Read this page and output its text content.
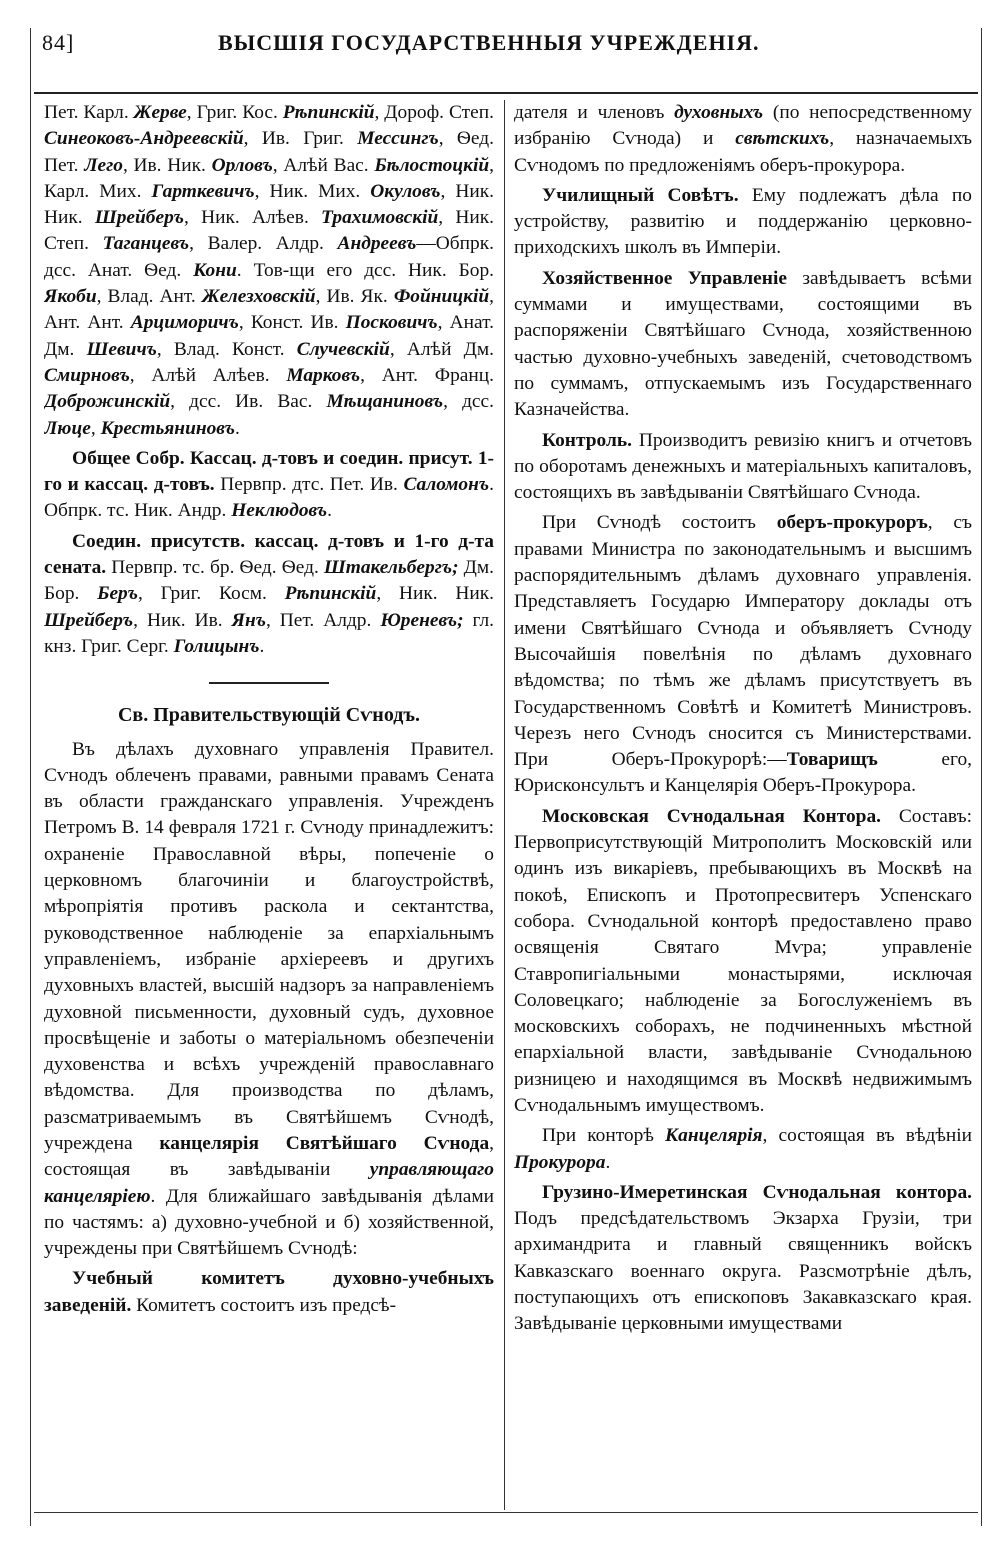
84]	ВЫСШІЯ ГОСУДАРСТВЕННЫЯ УЧРЕЖДЕНІЯ.

Пет. Карл. Жерве, Григ. Кос. Рѣпинскій, Дороф. Степ. Синеоковъ-Андреевскій, Ив. Григ. Мессингъ, Ѳед. Пет. Лего, Ив. Ник. Орловъ, Алѣй Вас. Бѣлостоцкій, Карл. Мих. Гарткевичъ, Ник. Мих. Окуловъ, Ник. Ник. Шрейберъ, Ник. Алѣев. Трахимовскій, Ник. Степ. Таганцевъ, Валер. Алдр. Андреевъ—Обпрк. дсс. Анат. Ѳед. Кони. Тов-щи его дсс. Ник. Бор. Якоби, Влад. Ант. Железховскій, Ив. Як. Фойницкій, Ант. Ант. Арциморичъ, Конст. Ив. Посковичъ, Анат. Дм. Шевичъ, Влад. Конст. Случевскій, Алѣй Дм. Смирновъ, Алѣй Алѣев. Марковъ, Ант. Франц. Доброжинскій, дсс. Ив. Вас. Мѣщаниновъ, дсс. Люце, Крестьяниновъ.

Общее Собр. Кассац. д-товъ и соедин. присут. 1-го и кассац. д-товъ. Первпр. дтс. Пет. Ив. Саломонъ. Обпрк. тс. Ник. Андр. Неклюдовъ.

Соедин. присутств. кассац. д-товъ и 1-го д-та сената. Первпр. тс. бр. Ѳед. Ѳед. Штакельбергъ; Дм. Бор. Беръ, Григ. Косм. Рѣпинскій, Ник. Ник. Шрейберъ, Ник. Ив. Янъ, Пет. Алдр. Юреневъ; гл. кнз. Григ. Серг. Голицынъ.

Св. Правительствующій Сѵнодъ.

Въ дѣлахъ духовнаго управленія Правител. Сѵнодъ облеченъ правами, равными правамъ Сената въ области гражданскаго управленія. Учрежденъ Петромъ В. 14 февраля 1721 г. Сѵноду принадлежитъ: охраненіе Православной вѣры, попеченіе о церковномъ благочиніи и благоустройствѣ, мѣропріятія противъ раскола и сектантства, руководственное наблюденіе за епархіальнымъ управленіемъ, избраніе архіереевъ и другихъ духовныхъ властей, высшій надзоръ за направленіемъ духовной письменности, духовный судъ, духовное просвѣщеніе и заботы о матеріальномъ обезпеченіи духовенства и всѣхъ учрежденій православнаго вѣдомства. Для производства по дѣламъ, разсматриваемымъ въ Святѣйшемъ Сѵнодѣ, учреждена канцелярія Святѣйшаго Сѵнода, состоящая въ завѣдываніи управляющаго канцеляріею. Для ближайшаго завѣдыванія дѣлами по частямъ: а) духовно-учебной и б) хозяйственной, учреждены при Святѣйшемъ Сѵнодѣ:

Учебный комитетъ духовно-учебныхъ заведеній. Комитетъ состоитъ изъ предсѣ-

дателя и членовъ духовныхъ (по непосредственному избранію Сѵнода) и свѣтскихъ, назначаемыхъ Сѵнодомъ по предложеніямъ оберъ-прокурора.

Училищный Совѣтъ. Ему подлежатъ дѣла по устройству, развитію и поддержанію церковно-приходскихъ школъ въ Имперіи.

Хозяйственное Управленіе завѣдываетъ всѣми суммами и имуществами, состоящими въ распоряженіи Святѣйшаго Сѵнода, хозяйственною частью духовно-учебныхъ заведеній, счетоводствомъ по суммамъ, отпускаемымъ изъ Государственнаго Казначейства.

Контроль. Производитъ ревизію книгъ и отчетовъ по оборотамъ денежныхъ и матеріальныхъ капиталовъ, состоящихъ въ завѣдываніи Святѣйшаго Сѵнода.

При Сѵнодѣ состоитъ оберъ-прокуроръ, съ правами Министра по законодательнымъ и высшимъ распорядительнымъ дѣламъ духовнаго управленія. Представляетъ Государю Императору доклады отъ имени Святѣйшаго Сѵнода и объявляетъ Сѵноду Высочайшія повелѣнія по дѣламъ духовнаго вѣдомства; по тѣмъ же дѣламъ присутствуетъ въ Государственномъ Совѣтѣ и Комитетѣ Министровъ. Черезъ него Сѵнодъ сносится съ Министерствами. При Оберъ-Прокурорѣ:—Товарищъ его, Юрисконсультъ и Канцелярія Оберъ-Прокурора.

Московская Сѵнодальная Контора. Составъ: Первоприсутствующій Митрополитъ Московскій или одинъ изъ викаріевъ, пребывающихъ въ Москвѣ на покоѣ, Епископъ и Протопресвитеръ Успенскаго собора. Сѵнодальной конторѣ предоставлено право освященія Святаго Мѵра; управленіе Ставропигіальными монастырями, исключая Соловецкаго; наблюденіе за Богослуженіемъ въ московскихъ соборахъ, не подчиненныхъ мѣстной епархіальной власти, завѣдываніе Сѵнодальною ризницею и находящимся въ Москвѣ недвижимымъ Сѵнодальнымъ имуществомъ.

При конторѣ Канцелярія, состоящая въ вѣдѣніи Прокурора.

Грузино-Имеретинская Сѵнодальная контора. Подъ предсѣдательствомъ Экзарха Грузіи, три архимандрита и главный священникъ войскъ Кавказскаго военнаго округа. Разсмотрѣніе дѣлъ, поступающихъ отъ епископовъ Закавказскаго края. Завѣдываніе церковными имуществами
